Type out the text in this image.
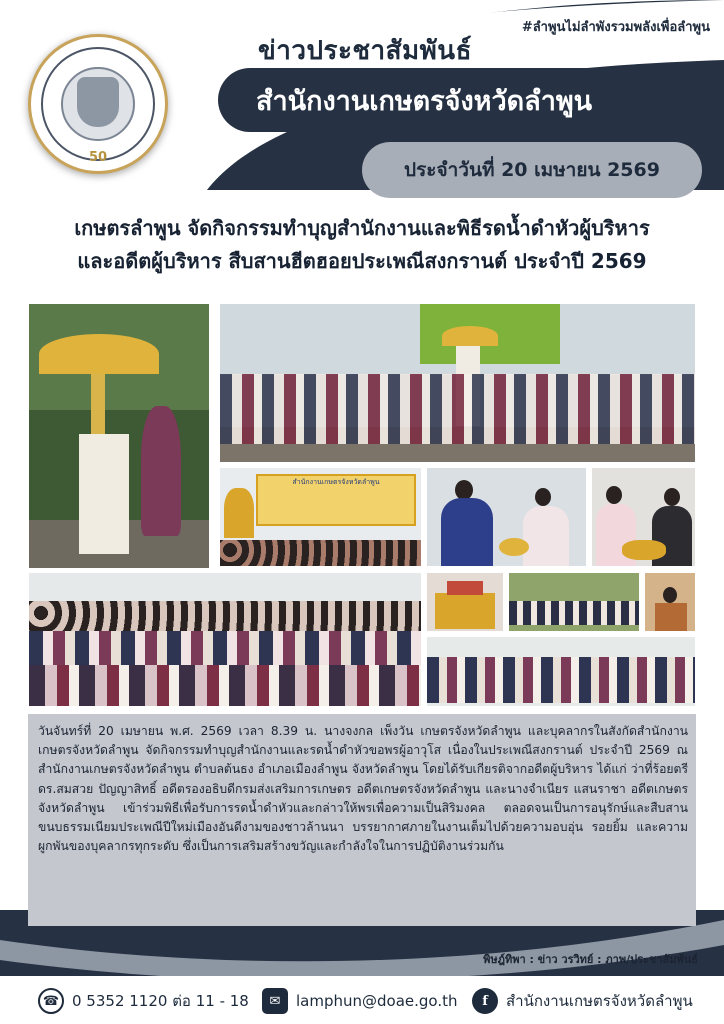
#ลำพูนไม่ลำพังรวมพลังเพื่อลำพูน
50
ข่าวประชาสัมพันธ์
สำนักงานเกษตรจังหวัดลำพูน
ประจำวันที่ 20 เมษายน 2569
เกษตรลำพูน จัดกิจกรรมทำบุญสำนักงานและพิธีรดน้ำดำหัวผู้บริหาร
และอดีตผู้บริหาร สืบสานฮีตฮอยประเพณีสงกรานต์ ประจำปี 2569
สำนักงานเกษตรจังหวัดลำพูน
วันจันทร์ที่ 20 เมษายน พ.ศ. 2569 เวลา 8.39 น. นางจงกล เพ็งวัน เกษตรจังหวัดลำพูน และบุคลากรในสังกัดสำนักงานเกษตรจังหวัดลำพูน จัดกิจกรรมทำบุญสำนักงานและรดน้ำดำหัวขอพรผู้อาวุโส เนื่องในประเพณีสงกรานต์ ประจำปี 2569 ณ สำนักงานเกษตรจังหวัดลำพูน ตำบลต้นธง อำเภอเมืองลำพูน จังหวัดลำพูน โดยได้รับเกียรติจากอดีตผู้บริหาร ได้แก่ ว่าที่ร้อยตรี ดร.สมสวย ปัญญาสิทธิ์ อดีตรองอธิบดีกรมส่งเสริมการเกษตร อดีตเกษตรจังหวัดลำพูน และนางจำเนียร แสนราชา อดีตเกษตรจังหวัดลำพูน เข้าร่วมพิธีเพื่อรับการรดน้ำดำหัวและกล่าวให้พรเพื่อความเป็นสิริมงคล ตลอดจนเป็นการอนุรักษ์และสืบสานขนบธรรมเนียมประเพณีปีใหม่เมืองอันดีงามของชาวล้านนา บรรยากาศภายในงานเต็มไปด้วยความอบอุ่น รอยยิ้ม และความผูกพันของบุคลากรทุกระดับ ซึ่งเป็นการเสริมสร้างขวัญและกำลังใจในการปฏิบัติงานร่วมกัน
พิษฎ์ทิพา : ข่าว วรวิทย์ : ภาพ/ประชาสัมพันธ์
☎ 0 5352 1120 ต่อ 11 - 18	✉	lamphun@doae.go.th	f	สำนักงานเกษตรจังหวัดลำพูน
